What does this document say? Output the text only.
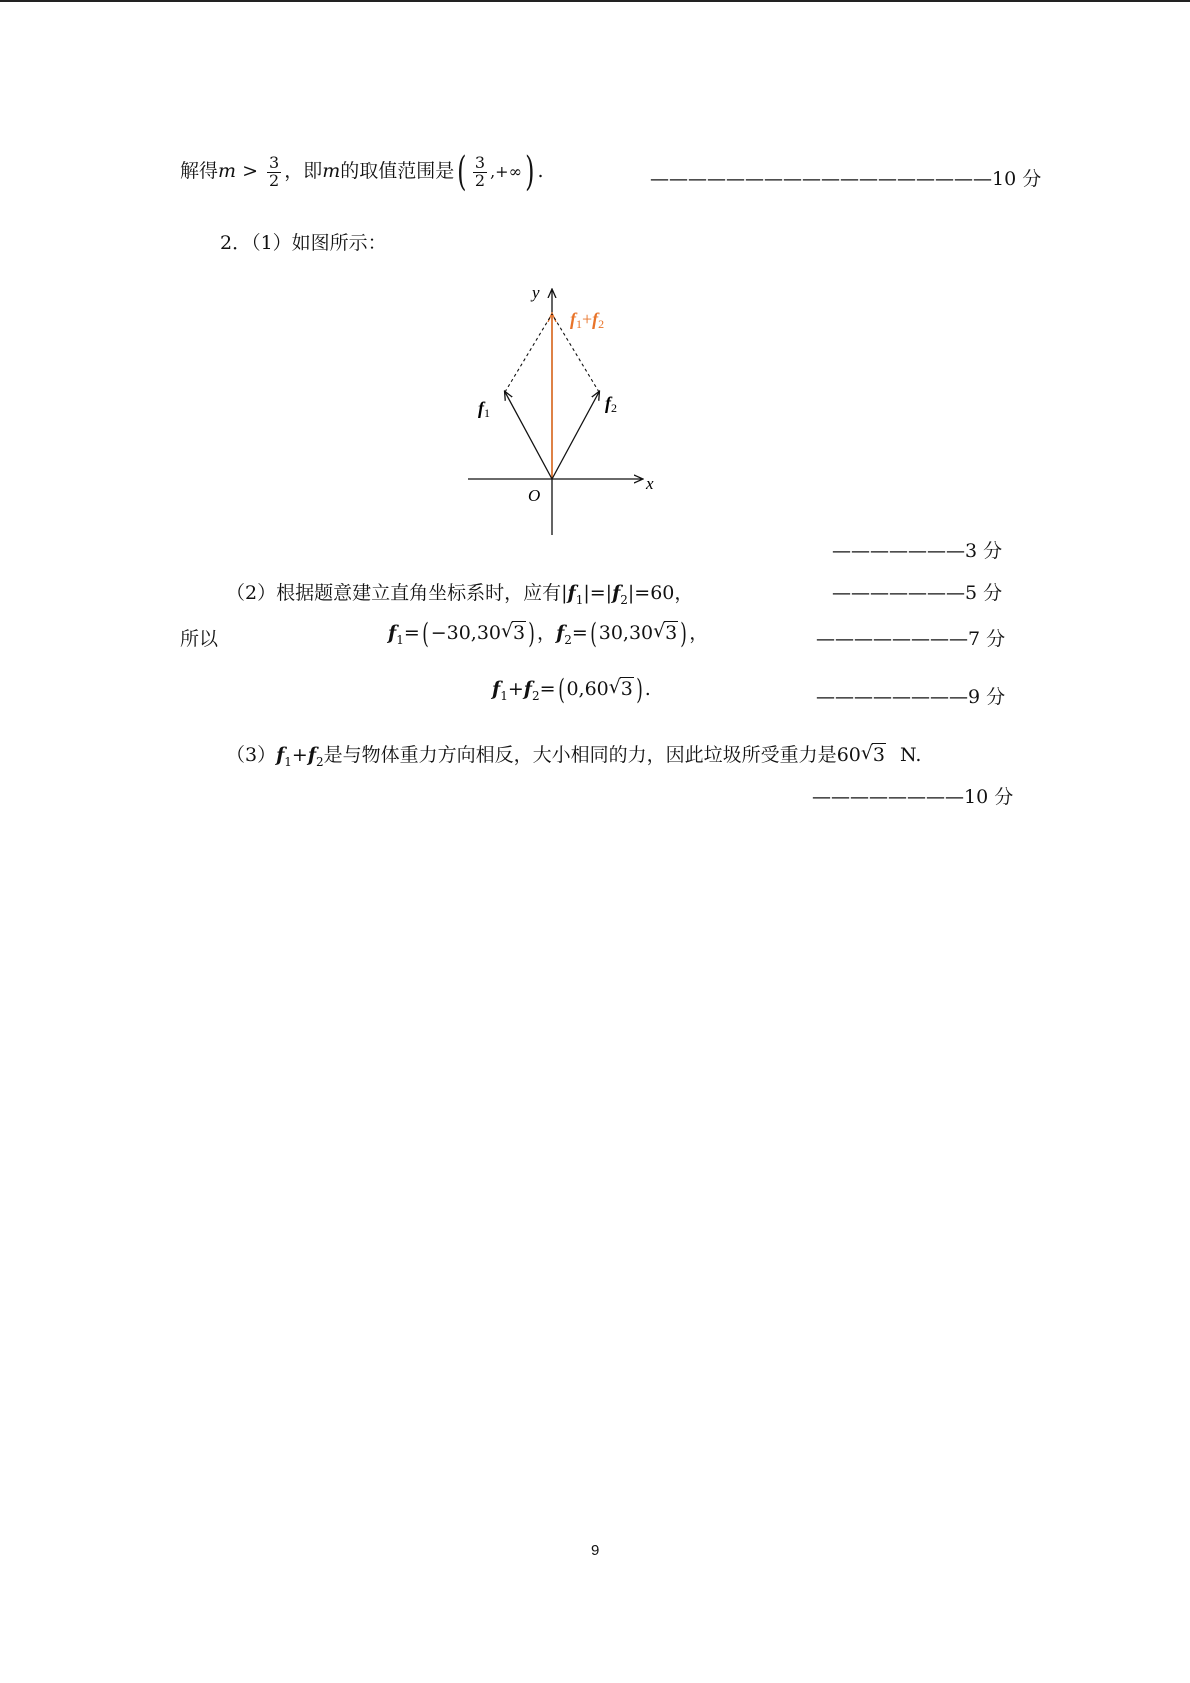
解得$m > \frac{3}{2}$ ，即m的取值范围是( $\frac{3}{2}$ ,+∞) .	——————————————————10 分
2．（1）如图所示：
y
x
O
f1	f2
f1+f2
———————3 分
（2）根据题意建立直角坐标系时，应有$|f_1|=|f_2|=60$，	———————5 分
所以	$f_1=( -30,30√$ 3 ) ，$f_2=$( 30,30√ 3 ) ，	————————7 分
$f_1+f_2=$( 0,60√ 3 ) .	————————9 分
$(3)f_1+f_2$是与物体重力方向相反，大小相同的力，因此垃圾所受重力是60√ 3 N.
————————10 分
9
